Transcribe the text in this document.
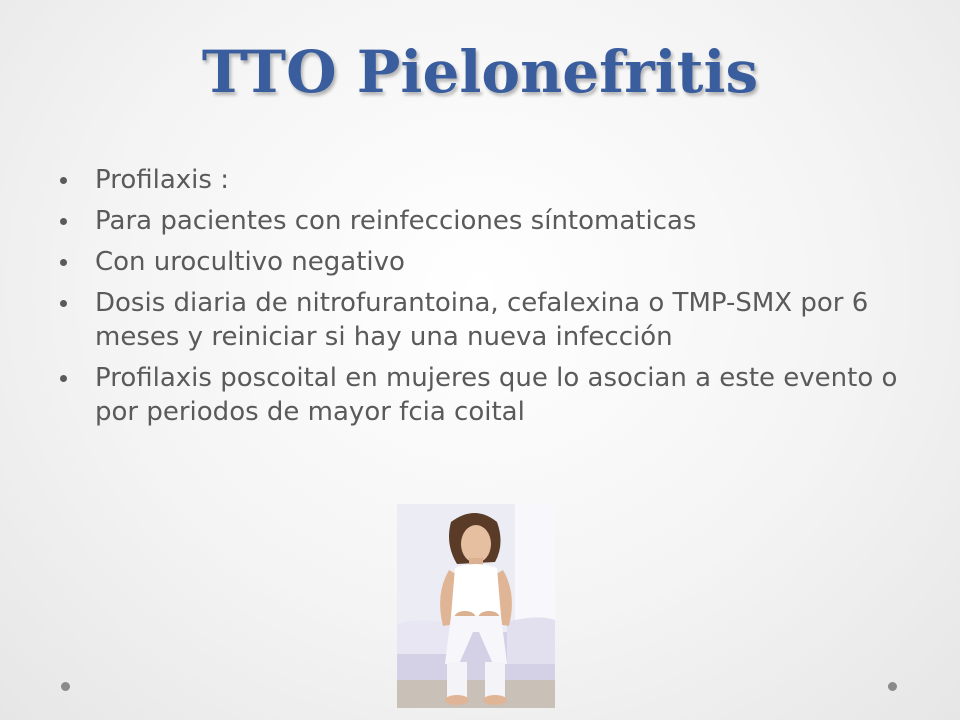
TTO Pielonefritis
Profilaxis :
Para pacientes con reinfecciones síntomaticas
Con urocultivo negativo
Dosis diaria de nitrofurantoina, cefalexina o TMP-SMX por 6 meses y reiniciar si hay una nueva infección
Profilaxis poscoital en mujeres que lo asocian a este evento o por periodos de mayor fcia coital
